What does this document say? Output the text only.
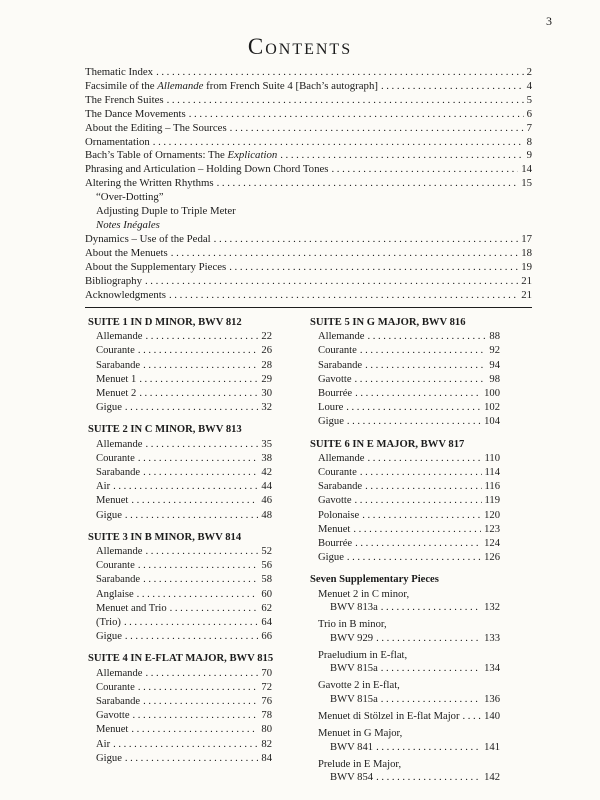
3
Contents
Thematic Index .....	2
Facsimile of the Allemande from French Suite 4 [Bach’s autograph] .....	4
The French Suites .....	5
The Dance Movements .....	6
About the Editing – The Sources .....	7
Ornamentation .....	8
Bach’s Table of Ornaments: The Explication .....	9
Phrasing and Articulation – Holding Down Chord Tones .....	14
Altering the Written Rhythms .....	15
“Over-Dotting”
Adjusting Duple to Triple Meter
Notes Inégales
Dynamics – Use of the Pedal .....	17
About the Menuets .....	18
About the Supplementary Pieces .....	19
Bibliography .....	21
Acknowledgments .....	21
SUITE 1 IN D MINOR, BWV 812
Allemande .....	22
Courante .....	26
Sarabande .....	28
Menuet 1 .....	29
Menuet 2 .....	30
Gigue .....	32
SUITE 2 IN C MINOR, BWV 813
Allemande .....	35
Courante .....	38
Sarabande .....	42
Air .....	44
Menuet .....	46
Gigue .....	48
SUITE 3 IN B MINOR, BWV 814
Allemande .....	52
Courante .....	56
Sarabande .....	58
Anglaise .....	60
Menuet and Trio .....	62
(Trio) .....	64
Gigue .....	66
SUITE 4 IN E-FLAT MAJOR, BWV 815
Allemande .....	70
Courante .....	72
Sarabande .....	76
Gavotte .....	78
Menuet .....	80
Air .....	82
Gigue .....	84
SUITE 5 IN G MAJOR, BWV 816
Allemande .....	88
Courante .....	92
Sarabande .....	94
Gavotte .....	98
Bourrée .....	100
Loure .....	102
Gigue .....	104
SUITE 6 IN E MAJOR, BWV 817
Allemande .....	110
Courante .....	114
Sarabande .....	116
Gavotte .....	119
Polonaise .....	120
Menuet .....	123
Bourrée .....	124
Gigue .....	126
Seven Supplementary Pieces
Menuet 2 in C minor,
BWV 813a .....	132
Trio in B minor,
BWV 929 .....	133
Praeludium in E-flat,
BWV 815a .....	134
Gavotte 2 in E-flat,
BWV 815a .....	136
Menuet di Stölzel in E-flat Major ..... 140
Menuet in G Major,
BWV 841 .....	141
Prelude in E Major,
BWV 854 .....	142
